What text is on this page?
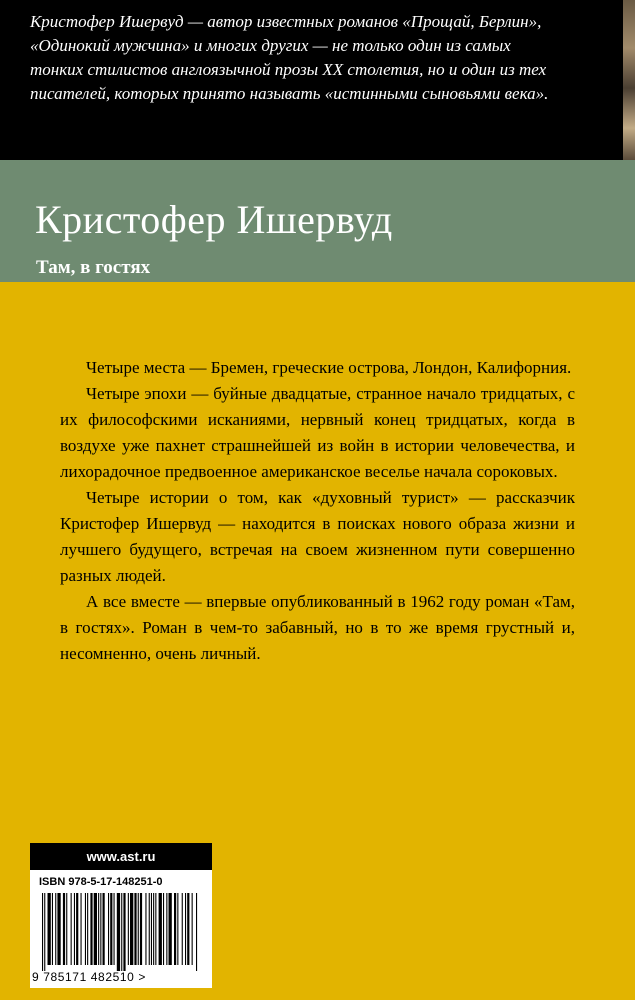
Кристофер Ишервуд — автор известных романов «Прощай, Берлин»,
«Одинокий мужчина» и многих других — не только один из самых
тонких стилистов англоязычной прозы XX столетия, но и один из тех
писателей, которых принято называть «истинными сыновьями века».

Кристофер Ишервуд
Там, в гостях

Четыре места — Бремен, греческие острова, Лондон, Калифорния.

Четыре эпохи — буйные двадцатые, странное начало тридцатых, с их философскими исканиями, нервный конец тридцатых, когда в воздухе уже пахнет страшнейшей из войн в истории человечества, и лихорадочное предвоенное американское веселье начала сороковых.

Четыре истории о том, как «духовный турист» — рассказчик Кристофер Ишервуд — находится в поисках нового образа жизни и лучшего будущего, встречая на своем жизненном пути совершенно разных людей.

А все вместе — впервые опубликованный в 1962 году роман «Там, в гостях». Роман в чем-то забавный, но в то же время грустный и, несомненно, очень личный.

www.ast.ru
ISBN 978-5-17-148251-0
9 785171 482510 >
